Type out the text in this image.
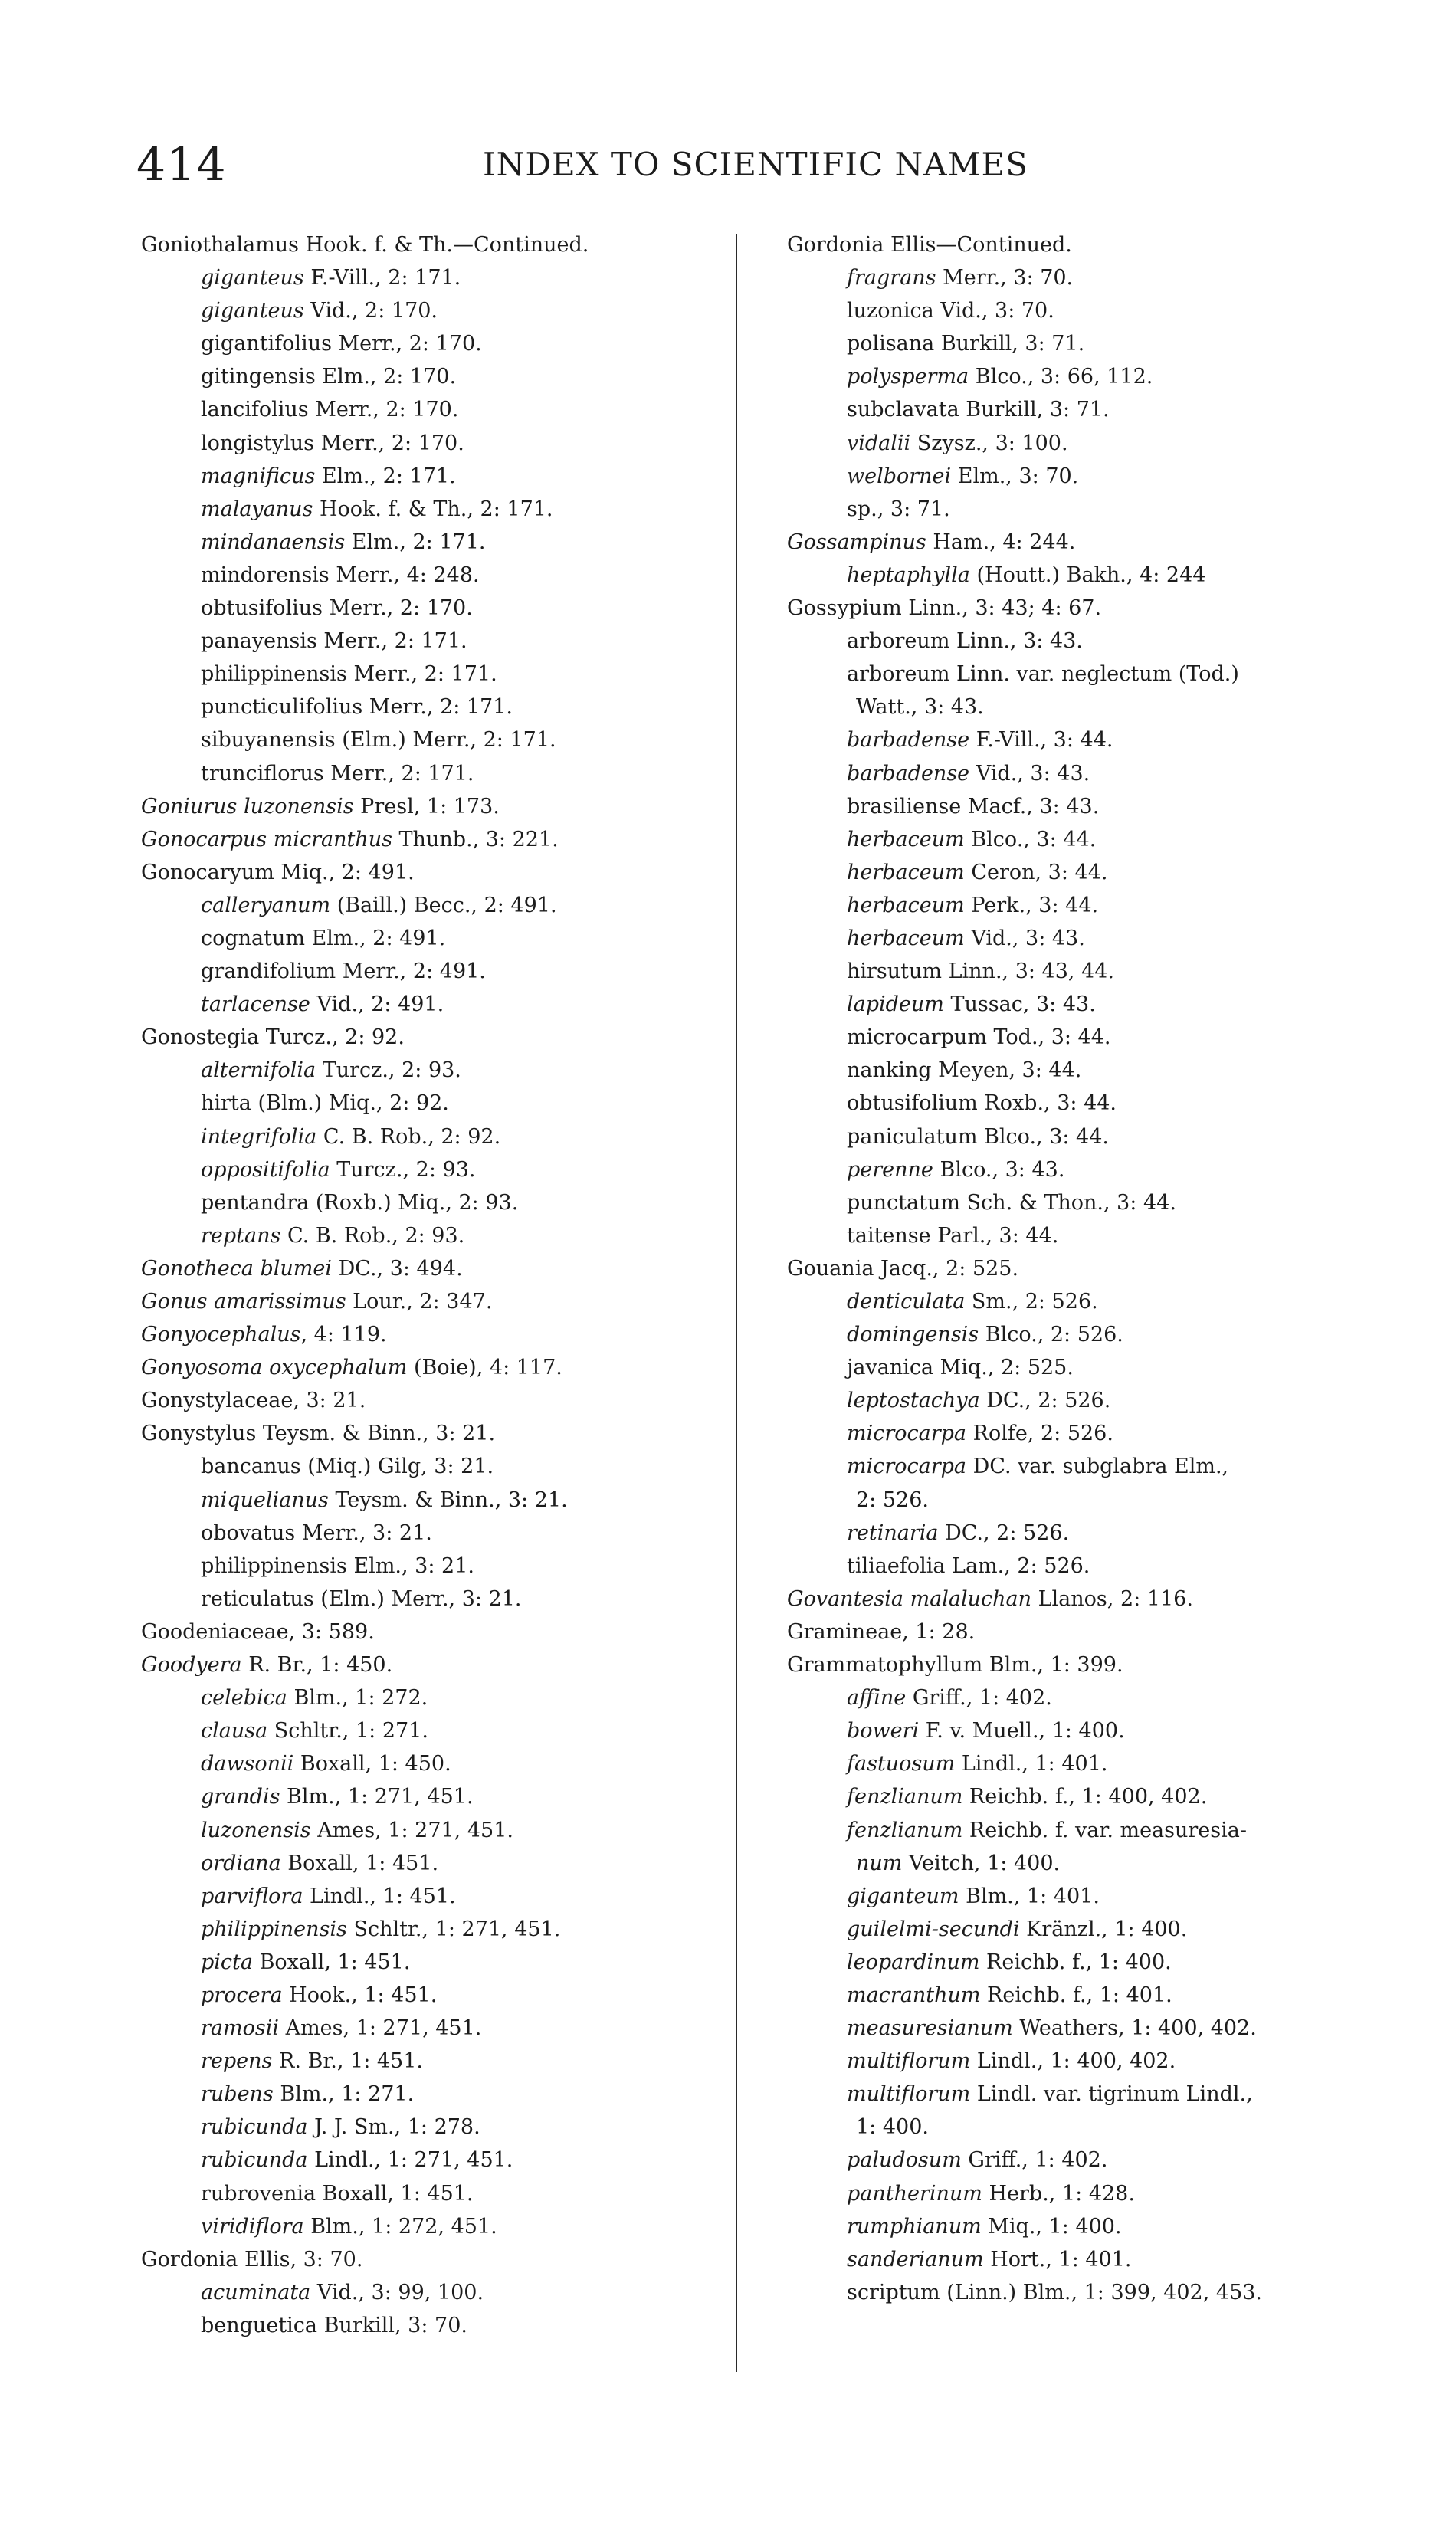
414	INDEX TO SCIENTIFIC NAMES
Goniothalamus Hook. f. & Th.—Continued.
giganteus F.-Vill., 2: 171.
giganteus Vid., 2: 170.
gigantifolius Merr., 2: 170.
gitingensis Elm., 2: 170.
lancifolius Merr., 2: 170.
longistylus Merr., 2: 170.
magnificus Elm., 2: 171.
malayanus Hook. f. & Th., 2: 171.
mindanaensis Elm., 2: 171.
mindorensis Merr., 4: 248.
obtusifolius Merr., 2: 170.
panayensis Merr., 2: 171.
philippinensis Merr., 2: 171.
puncticulifolius Merr., 2: 171.
sibuyanensis (Elm.) Merr., 2: 171.
trunciflorus Merr., 2: 171.
Goniurus luzonensis Presl, 1: 173.
Gonocarpus micranthus Thunb., 3: 221.
Gonocaryum Miq., 2: 491.
calleryanum (Baill.) Becc., 2: 491.
cognatum Elm., 2: 491.
grandifolium Merr., 2: 491.
tarlacense Vid., 2: 491.
Gonostegia Turcz., 2: 92.
alternifolia Turcz., 2: 93.
hirta (Blm.) Miq., 2: 92.
integrifolia C. B. Rob., 2: 92.
oppositifolia Turcz., 2: 93.
pentandra (Roxb.) Miq., 2: 93.
reptans C. B. Rob., 2: 93.
Gonotheca blumei DC., 3: 494.
Gonus amarissimus Lour., 2: 347.
Gonyocephalus, 4: 119.
Gonyosoma oxycephalum (Boie), 4: 117.
Gonystylaceae, 3: 21.
Gonystylus Teysm. & Binn., 3: 21.
bancanus (Miq.) Gilg, 3: 21.
miquelianus Teysm. & Binn., 3: 21.
obovatus Merr., 3: 21.
philippinensis Elm., 3: 21.
reticulatus (Elm.) Merr., 3: 21.
Goodeniaceae, 3: 589.
Goodyera R. Br., 1: 450.
celebica Blm., 1: 272.
clausa Schltr., 1: 271.
dawsonii Boxall, 1: 450.
grandis Blm., 1: 271, 451.
luzonensis Ames, 1: 271, 451.
ordiana Boxall, 1: 451.
parviflora Lindl., 1: 451.
philippinensis Schltr., 1: 271, 451.
picta Boxall, 1: 451.
procera Hook., 1: 451.
ramosii Ames, 1: 271, 451.
repens R. Br., 1: 451.
rubens Blm., 1: 271.
rubicunda J. J. Sm., 1: 278.
rubicunda Lindl., 1: 271, 451.
rubrovenia Boxall, 1: 451.
viridiflora Blm., 1: 272, 451.
Gordonia Ellis, 3: 70.
acuminata Vid., 3: 99, 100.
benguetica Burkill, 3: 70.
Gordonia Ellis—Continued.
fragrans Merr., 3: 70.
luzonica Vid., 3: 70.
polisana Burkill, 3: 71.
polysperma Blco., 3: 66, 112.
subclavata Burkill, 3: 71.
vidalii Szysz., 3: 100.
welbornei Elm., 3: 70.
sp., 3: 71.
Gossampinus Ham., 4: 244.
heptaphylla (Houtt.) Bakh., 4: 244
Gossypium Linn., 3: 43; 4: 67.
arboreum Linn., 3: 43.
arboreum Linn. var. neglectum (Tod.)
Watt., 3: 43.
barbadense F.-Vill., 3: 44.
barbadense Vid., 3: 43.
brasiliense Macf., 3: 43.
herbaceum Blco., 3: 44.
herbaceum Ceron, 3: 44.
herbaceum Perk., 3: 44.
herbaceum Vid., 3: 43.
hirsutum Linn., 3: 43, 44.
lapideum Tussac, 3: 43.
microcarpum Tod., 3: 44.
nanking Meyen, 3: 44.
obtusifolium Roxb., 3: 44.
paniculatum Blco., 3: 44.
perenne Blco., 3: 43.
punctatum Sch. & Thon., 3: 44.
taitense Parl., 3: 44.
Gouania Jacq., 2: 525.
denticulata Sm., 2: 526.
domingensis Blco., 2: 526.
javanica Miq., 2: 525.
leptostachya DC., 2: 526.
microcarpa Rolfe, 2: 526.
microcarpa DC. var. subglabra Elm.,
2: 526.
retinaria DC., 2: 526.
tiliaefolia Lam., 2: 526.
Govantesia malaluchan Llanos, 2: 116.
Gramineae, 1: 28.
Grammatophyllum Blm., 1: 399.
affine Griff., 1: 402.
boweri F. v. Muell., 1: 400.
fastuosum Lindl., 1: 401.
fenzlianum Reichb. f., 1: 400, 402.
fenzlianum Reichb. f. var. measuresia-
num Veitch, 1: 400.
giganteum Blm., 1: 401.
guilelmi-secundi Kränzl., 1: 400.
leopardinum Reichb. f., 1: 400.
macranthum Reichb. f., 1: 401.
measuresianum Weathers, 1: 400, 402.
multiflorum Lindl., 1: 400, 402.
multiflorum Lindl. var. tigrinum Lindl.,
1: 400.
paludosum Griff., 1: 402.
pantherinum Herb., 1: 428.
rumphianum Miq., 1: 400.
sanderianum Hort., 1: 401.
scriptum (Linn.) Blm., 1: 399, 402, 453.
